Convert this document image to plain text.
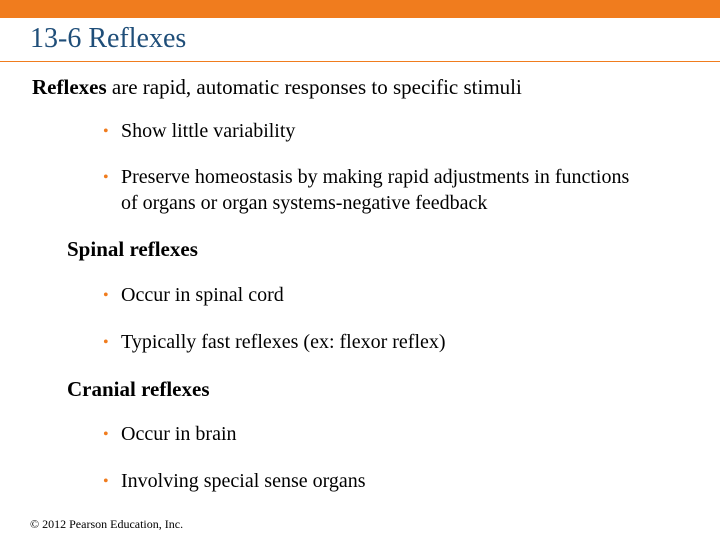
13-6 Reflexes
Reflexes are rapid, automatic responses to specific stimuli
• Show little variability
• Preserve homeostasis by making rapid adjustments in functions of organs or organ systems-negative feedback
Spinal reflexes
• Occur in spinal cord
• Typically fast reflexes (ex: flexor reflex)
Cranial reflexes
• Occur in brain
• Involving special sense organs
© 2012 Pearson Education, Inc.
